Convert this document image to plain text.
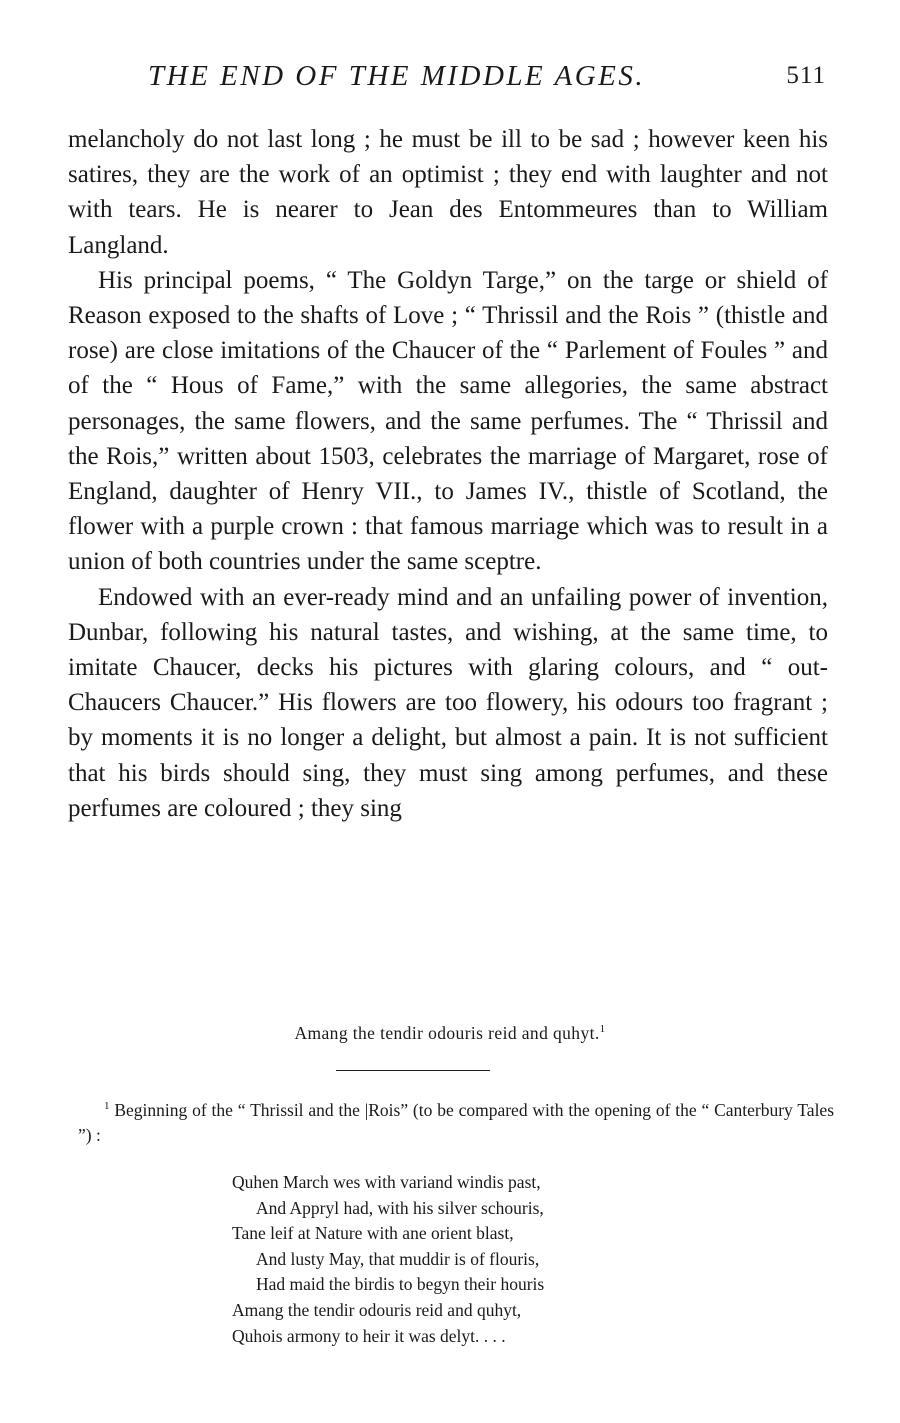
THE END OF THE MIDDLE AGES.	511

melancholy do not last long ; he must be ill to be sad ; however keen his satires, they are the work of an optimist ; they end with laughter and not with tears. He is nearer to Jean des Entommeures than to William Langland.

His principal poems, “ The Goldyn Targe,” on the targe or shield of Reason exposed to the shafts of Love ; “ Thrissil and the Rois ” (thistle and rose) are close imitations of the Chaucer of the “ Parlement of Foules ” and of the “ Hous of Fame,” with the same allegories, the same abstract personages, the same flowers, and the same perfumes. The “ Thrissil and the Rois,” written about 1503, celebrates the marriage of Margaret, rose of England, daughter of Henry VII., to James IV., thistle of Scotland, the flower with a purple crown : that famous marriage which was to result in a union of both countries under the same sceptre.

Endowed with an ever-ready mind and an unfailing power of invention, Dunbar, following his natural tastes, and wishing, at the same time, to imitate Chaucer, decks his pictures with glaring colours, and “ out-Chaucers Chaucer.” His flowers are too flowery, his odours too fragrant ; by moments it is no longer a delight, but almost a pain. It is not sufficient that his birds should sing, they must sing among perfumes, and these perfumes are coloured ; they sing

Amang the tendir odouris reid and quhyt.$^1$

$^1$ Beginning of the “ Thrissil and the |Rois” (to be compared with the opening of the “ Canterbury Tales ”) :

Quhen March wes with variand windis past,
And Appryl had, with his silver schouris,
Tane leif at Nature with ane orient blast,
And lusty May, that muddir is of flouris,
Had maid the birdis to begyn their houris
Amang the tendir odouris reid and quhyt,
Quhois armony to heir it was delyt. . . .
